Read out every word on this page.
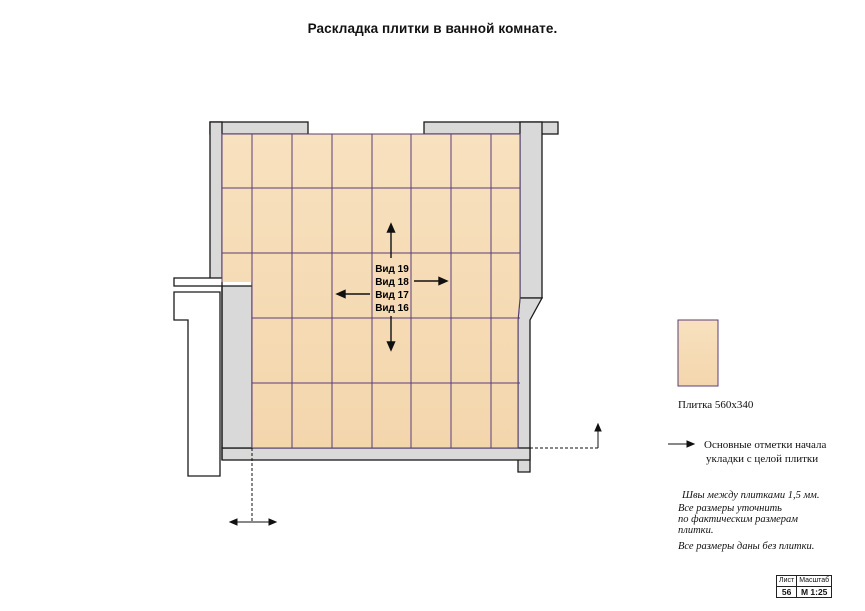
Раскладка плитки в ванной комнате.
Вид 19
Вид 18
Вид 17
Вид 16
Плитка 560x340
Основные отметки начала
укладки с целой плитки
Швы между плитками 1,5 мм.
Все размеры уточнить
по фактическим размерам
плитки.
Все размеры даны без плитки.
Лист	Масштаб
56	М 1:25
